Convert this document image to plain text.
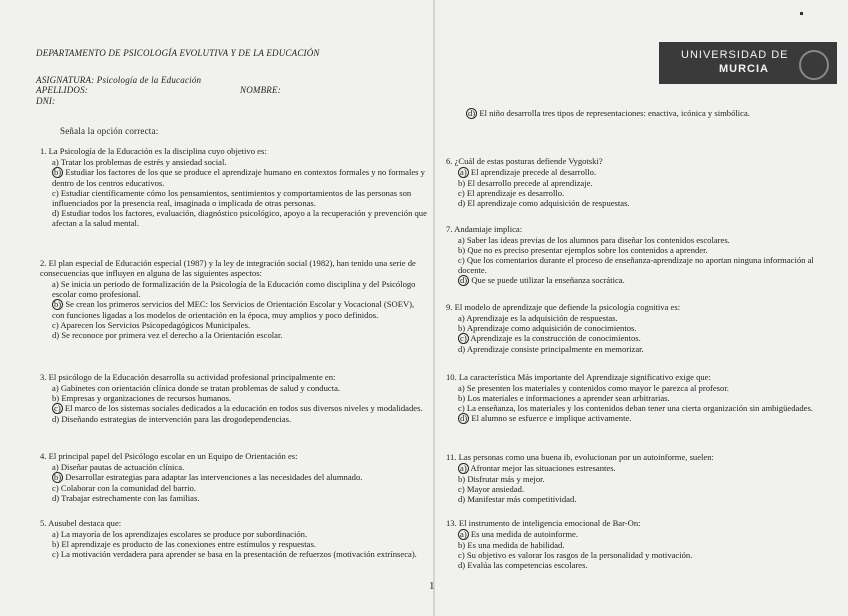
DEPARTAMENTO DE PSICOLOGÍA EVOLUTIVA Y DE LA EDUCACIÓN
ASIGNATURA: Psicología de la Educación
APELLIDOS:	NOMBRE:
DNI:
Señala la opción correcta:
UNIVERSIDAD DE
MURCIA
1. La Psicología de la Educación es la disciplina cuyo objetivo es:
a) Tratar los problemas de estrés y ansiedad social.
b) Estudiar los factores de los que se produce el aprendizaje humano en contextos formales y no formales y dentro de los centros educativos.
c) Estudiar científicamente cómo los pensamientos, sentimientos y comportamientos de las personas son influenciados por la presencia real, imaginada o implicada de otras personas.
d) Estudiar todos los factores, evaluación, diagnóstico psicológico, apoyo a la recuperación y prevención que afectan a la salud mental.
2. El plan especial de Educación especial (1987) y la ley de integración social (1982), han tenido una serie de consecuencias que influyen en alguna de las siguientes aspectos:
a) Se inicia un periodo de formalización de la Psicología de la Educación como disciplina y del Psicólogo escolar como profesional.
b) Se crean los primeros servicios del MEC: los Servicios de Orientación Escolar y Vocacional (SOEV), con funciones ligadas a los modelos de orientación en la época, muy amplios y poco definidos.
c) Aparecen los Servicios Psicopedagógicos Municipales.
d) Se reconoce por primera vez el derecho a la Orientación escolar.
3. El psicólogo de la Educación desarrolla su actividad profesional principalmente en:
a) Gabinetes con orientación clínica donde se tratan problemas de salud y conducta.
b) Empresas y organizaciones de recursos humanos.
c) El marco de los sistemas sociales dedicados a la educación en todos sus diversos niveles y modalidades.
d) Diseñando estrategias de intervención para las drogodependencias.
4. El principal papel del Psicólogo escolar en un Equipo de Orientación es:
a) Diseñar pautas de actuación clínica.
b) Desarrollar estrategias para adaptar las intervenciones a las necesidades del alumnado.
c) Colaborar con la comunidad del barrio.
d) Trabajar estrechamente con las familias.
5. Ausubel destaca que:
a) La mayoría de los aprendizajes escolares se produce por subordinación.
b) El aprendizaje es producto de las conexiones entre estímulos y respuestas.
c) La motivación verdadera para aprender se basa en la presentación de refuerzos (motivación extrínseca).
d) El niño desarrolla tres tipos de representaciones: enactiva, icónica y simbólica.
6. ¿Cuál de estas posturas defiende Vygotski?
a) El aprendizaje precede al desarrollo.
b) El desarrollo precede al aprendizaje.
c) El aprendizaje es desarrollo.
d) El aprendizaje como adquisición de respuestas.
7. Andamiaje implica:
a) Saber las ideas previas de los alumnos para diseñar los contenidos escolares.
b) Que no es preciso presentar ejemplos sobre los contenidos a aprender.
c) Que los comentarios durante el proceso de enseñanza-aprendizaje no aportan ninguna información al docente.
d) Que se puede utilizar la enseñanza socrática.
9. El modelo de aprendizaje que defiende la psicología cognitiva es:
a) Aprendizaje es la adquisición de respuestas.
b) Aprendizaje como adquisición de conocimientos.
c) Aprendizaje es la construcción de conocimientos.
d) Aprendizaje consiste principalmente en memorizar.
10. La característica Más importante del Aprendizaje significativo exige que:
a) Se presenten los materiales y contenidos como mayor le parezca al profesor.
b) Los materiales e informaciones a aprender sean arbitrarias.
c) La enseñanza, los materiales y los contenidos deban tener una cierta organización sin ambigüedades.
d) El alumno se esfuerce e implique activamente.
11. Las personas como una buena ib, evolucionan por un autoinforme, suelen:
a) Afrontar mejor las situaciones estresantes.
b) Disfrutar más y mejor.
c) Mayor ansiedad.
d) Manifestar más competitividad.
13. El instrumento de inteligencia emocional de Bar-On:
a) Es una medida de autoinforme.
b) Es una medida de habilidad.
c) Su objetivo es valorar los rasgos de la personalidad y motivación.
d) Evalúa las competencias escolares.
1
